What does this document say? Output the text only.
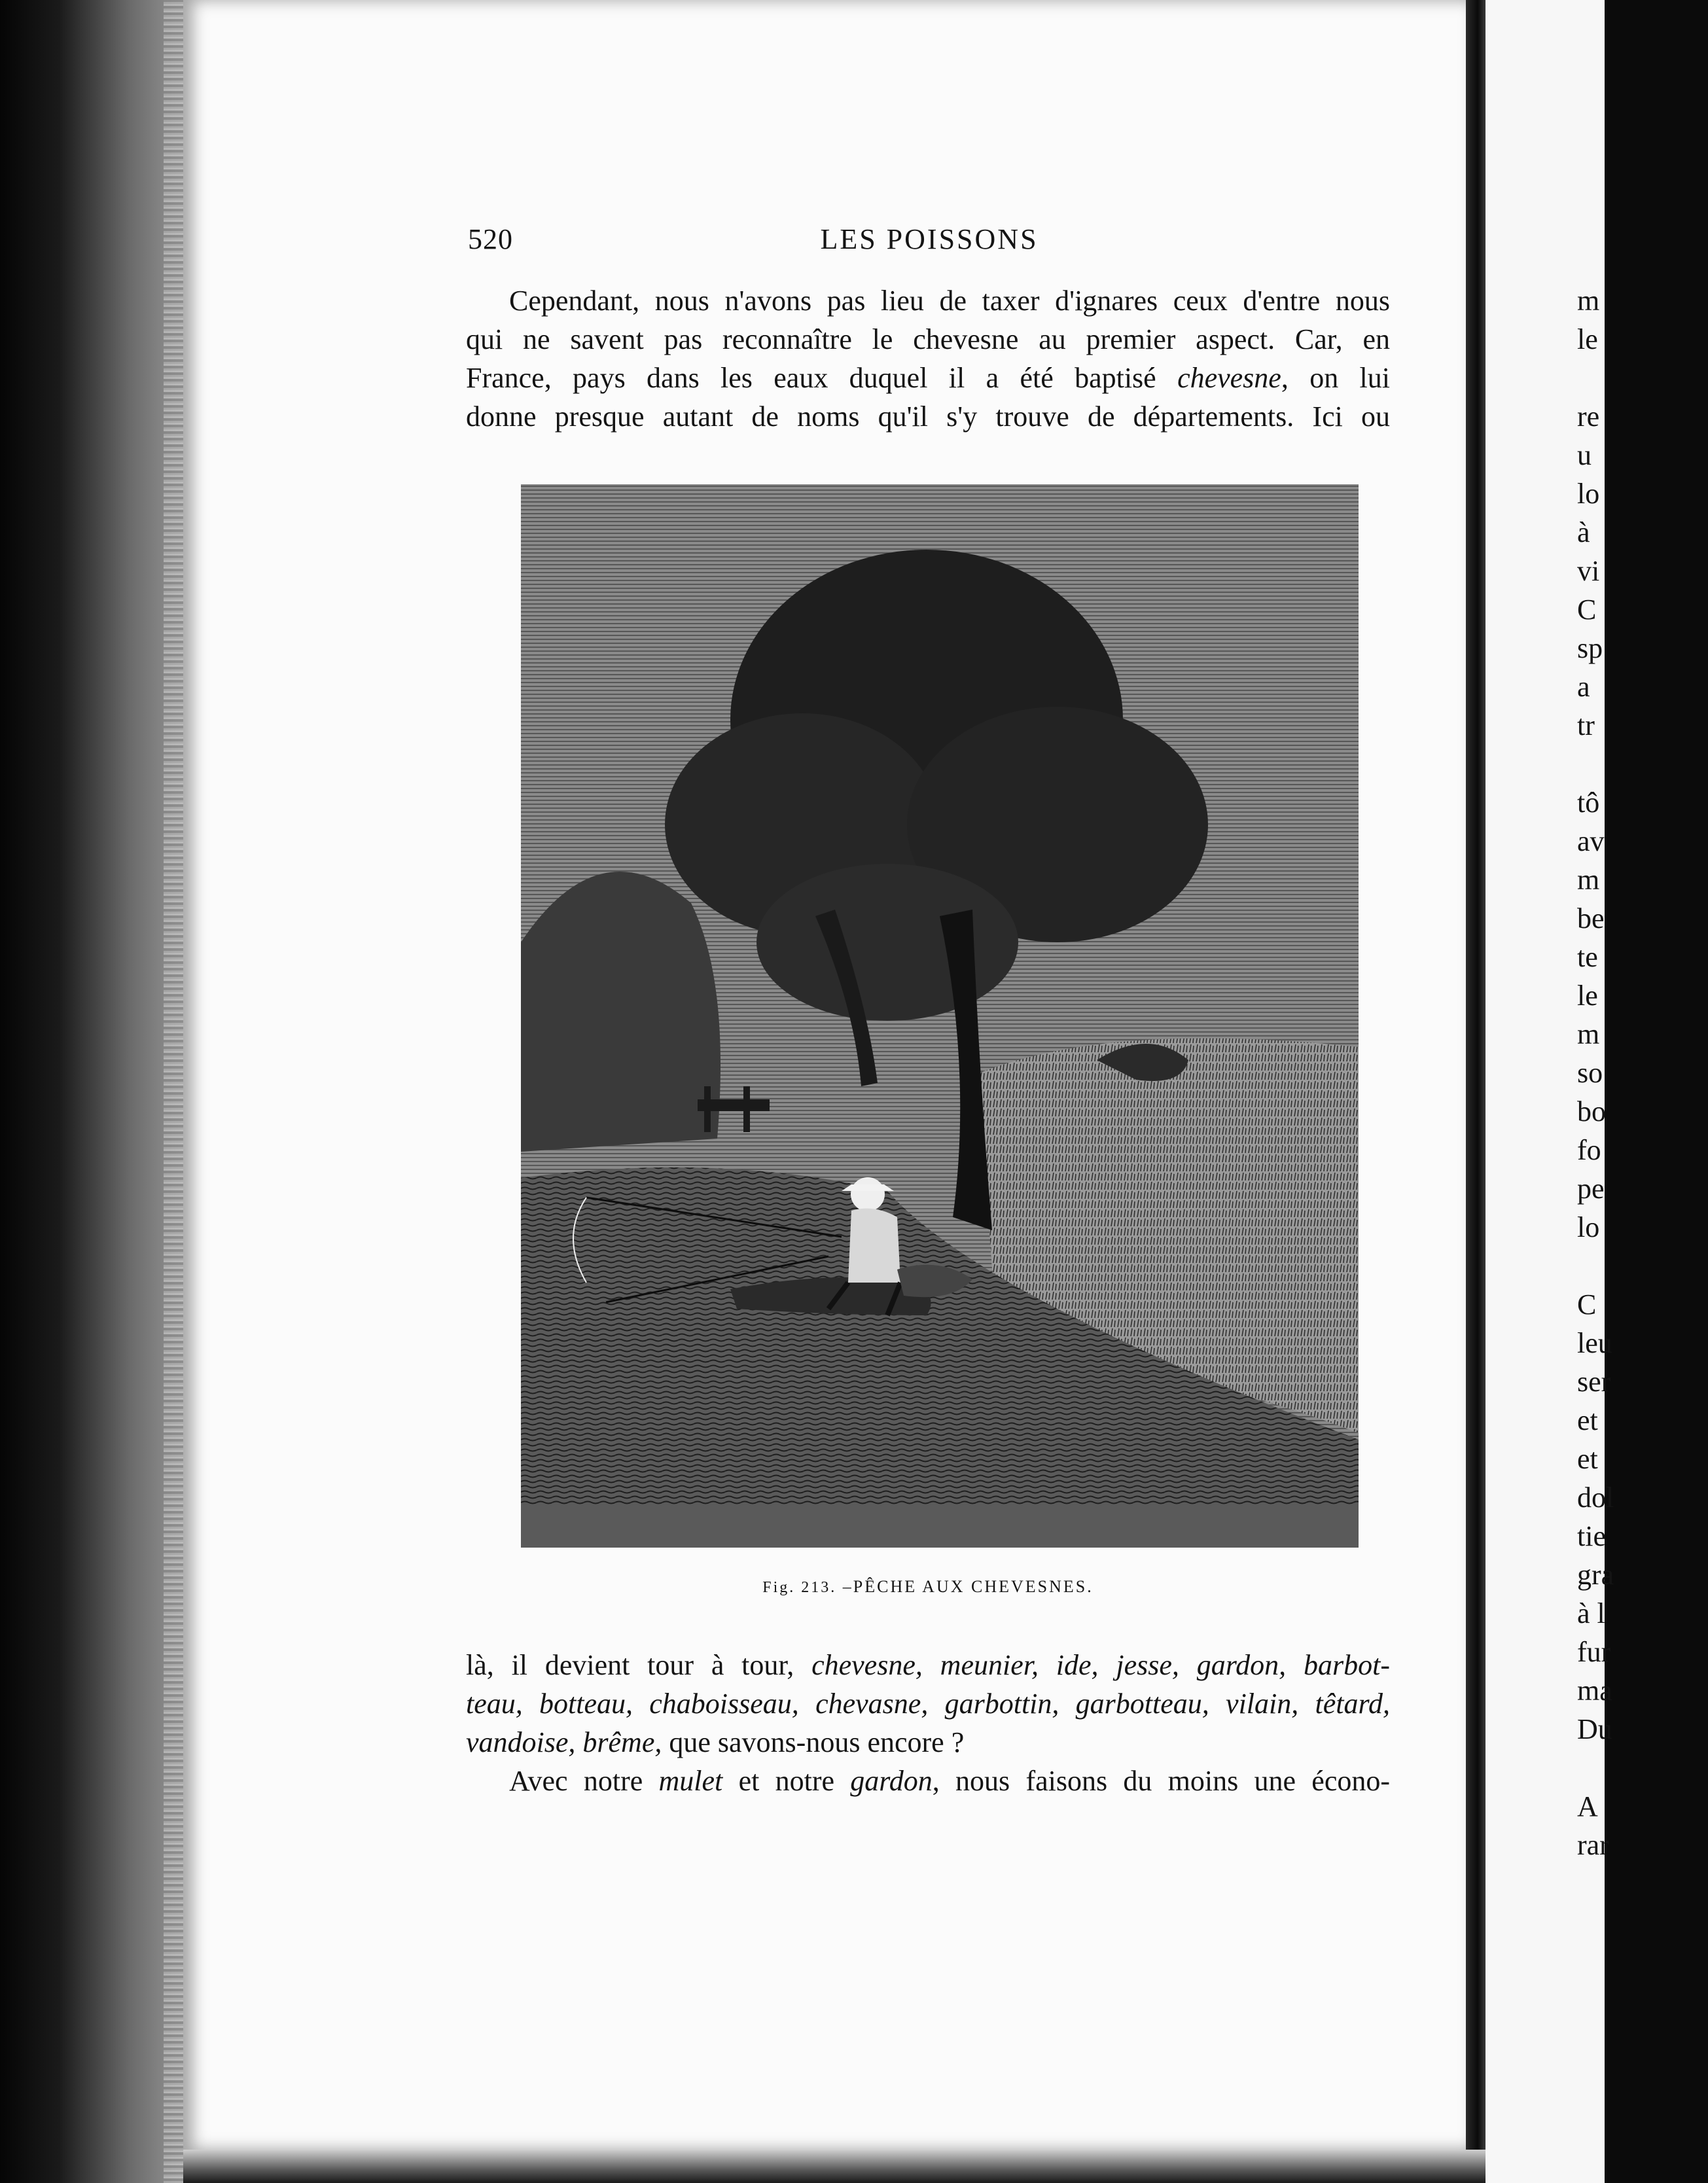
520	LES POISSONS
Cependant, nous n'avons pas lieu de taxer d'ignares ceux d'entre nous
qui ne savent pas reconnaître le chevesne au premier aspect. Car, en
France, pays dans les eaux duquel il a été baptisé chevesne, on lui
donne presque autant de noms qu'il s'y trouve de départements. Ici ou
Fig. 213. –PÊCHE AUX CHEVESNES.
là, il devient tour à tour, chevesne, meunier, ide, jesse, gardon, barbot-
teau, botteau, chaboisseau, chevasne, garbottin, garbotteau, vilain, têtard,
vandoise, brême, que savons-nous encore ?
Avec notre mulet et notre gardon, nous faisons du moins une écono-
m
le

re
u
lo
à
vi
C
sp
a
tr

tô
av
m
be
te
le
m
so
bo
fo
pe
lo

C
leu
ser
et
et
dol
tie
gra
à l
fur
ma
Du

A
rar
